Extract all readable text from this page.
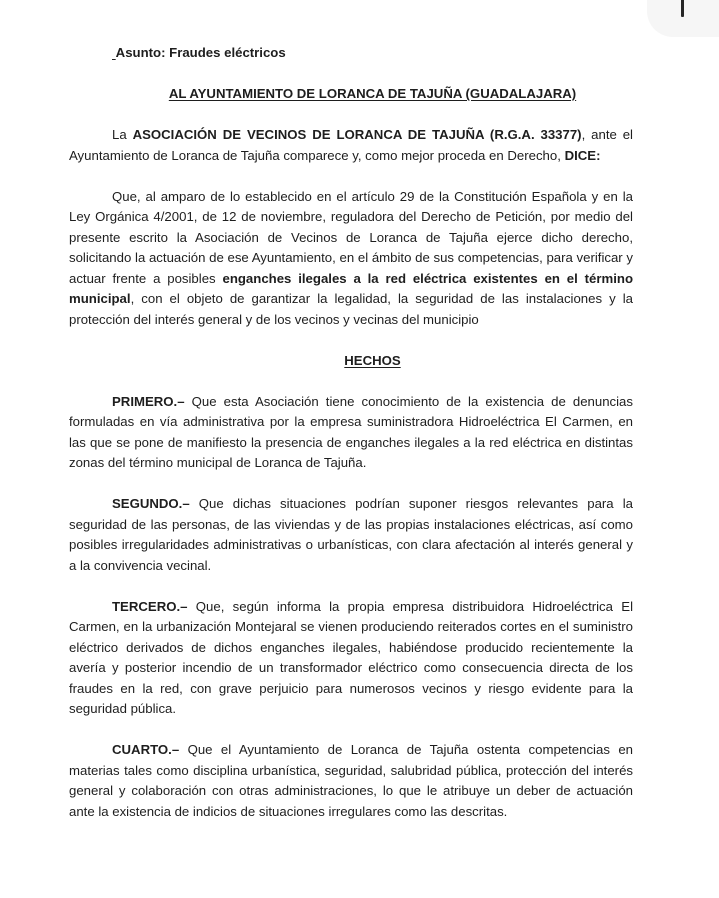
Asunto: Fraudes eléctricos

AL AYUNTAMIENTO DE LORANCA DE TAJUÑA (GUADALAJARA)

La ASOCIACIÓN DE VECINOS DE LORANCA DE TAJUÑA (R.G.A. 33377), ante el Ayuntamiento de Loranca de Tajuña comparece y, como mejor proceda en Derecho, DICE:

Que, al amparo de lo establecido en el artículo 29 de la Constitución Española y en la Ley Orgánica 4/2001, de 12 de noviembre, reguladora del Derecho de Petición, por medio del presente escrito la Asociación de Vecinos de Loranca de Tajuña ejerce dicho derecho, solicitando la actuación de ese Ayuntamiento, en el ámbito de sus competencias, para verificar y actuar frente a posibles enganches ilegales a la red eléctrica existentes en el término municipal, con el objeto de garantizar la legalidad, la seguridad de las instalaciones y la protección del interés general y de los vecinos y vecinas del municipio

HECHOS

PRIMERO.– Que esta Asociación tiene conocimiento de la existencia de denuncias formuladas en vía administrativa por la empresa suministradora Hidroeléctrica El Carmen, en las que se pone de manifiesto la presencia de enganches ilegales a la red eléctrica en distintas zonas del término municipal de Loranca de Tajuña.

SEGUNDO.– Que dichas situaciones podrían suponer riesgos relevantes para la seguridad de las personas, de las viviendas y de las propias instalaciones eléctricas, así como posibles irregularidades administrativas o urbanísticas, con clara afectación al interés general y a la convivencia vecinal.

TERCERO.– Que, según informa la propia empresa distribuidora Hidroeléctrica El Carmen, en la urbanización Montejaral se vienen produciendo reiterados cortes en el suministro eléctrico derivados de dichos enganches ilegales, habiéndose producido recientemente la avería y posterior incendio de un transformador eléctrico como consecuencia directa de los fraudes en la red, con grave perjuicio para numerosos vecinos y riesgo evidente para la seguridad pública.

CUARTO.– Que el Ayuntamiento de Loranca de Tajuña ostenta competencias en materias tales como disciplina urbanística, seguridad, salubridad pública, protección del interés general y colaboración con otras administraciones, lo que le atribuye un deber de actuación ante la existencia de indicios de situaciones irregulares como las descritas.
